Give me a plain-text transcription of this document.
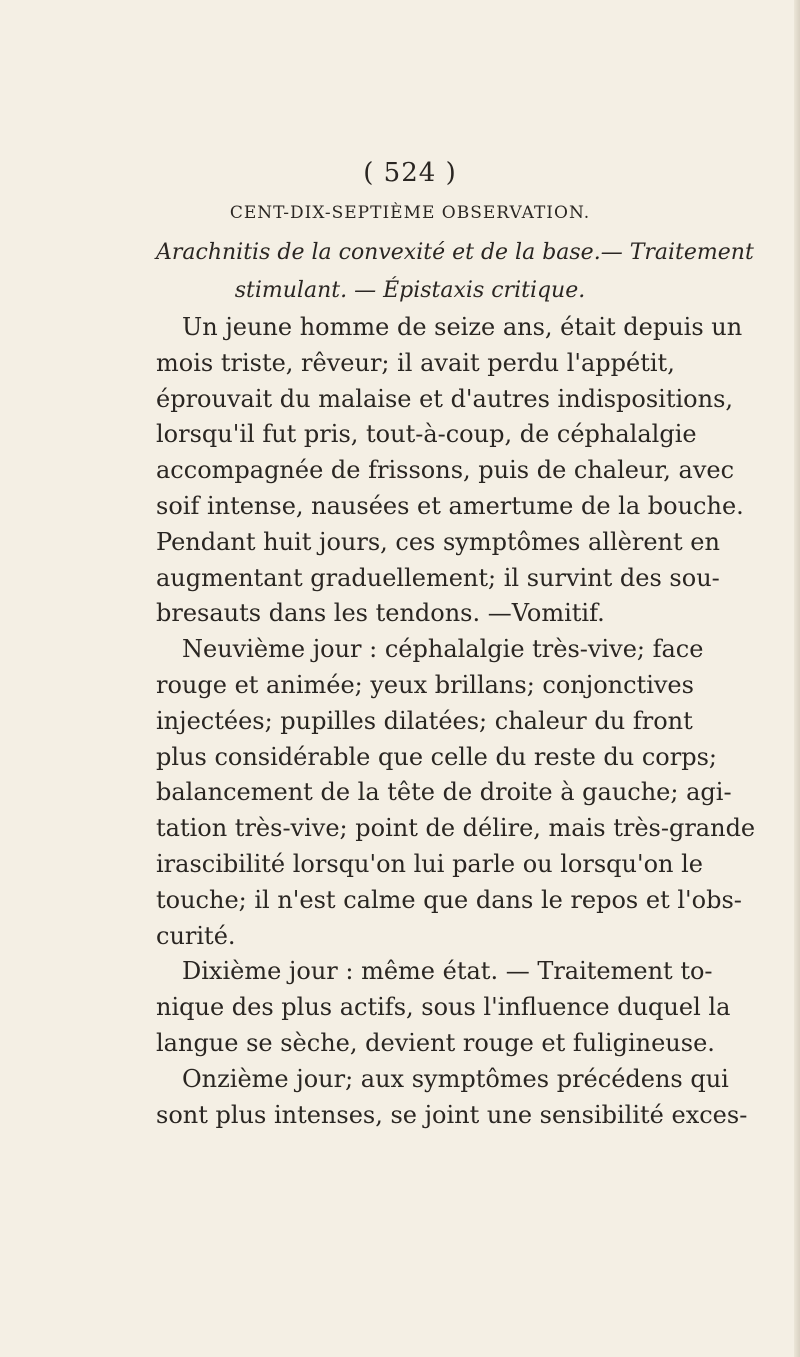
( 524 )
CENT-DIX-SEPTIÈME OBSERVATION.
Arachnitis de la convexité et de la base.— Traitement
stimulant. — Épistaxis critique.
Un jeune homme de seize ans, était depuis un
mois triste, rêveur; il avait perdu l'appétit,
éprouvait du malaise et d'autres indispositions,
lorsqu'il fut pris, tout-à-coup, de céphalalgie
accompagnée de frissons, puis de chaleur, avec
soif intense, nausées et amertume de la bouche.
Pendant huit jours, ces symptômes allèrent en
augmentant graduellement; il survint des sou-
bresauts dans les tendons. —Vomitif.
Neuvième jour : céphalalgie très-vive; face
rouge et animée; yeux brillans; conjonctives
injectées; pupilles dilatées; chaleur du front
plus considérable que celle du reste du corps;
balancement de la tête de droite à gauche; agi-
tation très-vive; point de délire, mais très-grande
irascibilité lorsqu'on lui parle ou lorsqu'on le
touche; il n'est calme que dans le repos et l'obs-
curité.
Dixième jour : même état. — Traitement to-
nique des plus actifs, sous l'influence duquel la
langue se sèche, devient rouge et fuligineuse.
Onzième jour; aux symptômes précédens qui
sont plus intenses, se joint une sensibilité exces-
